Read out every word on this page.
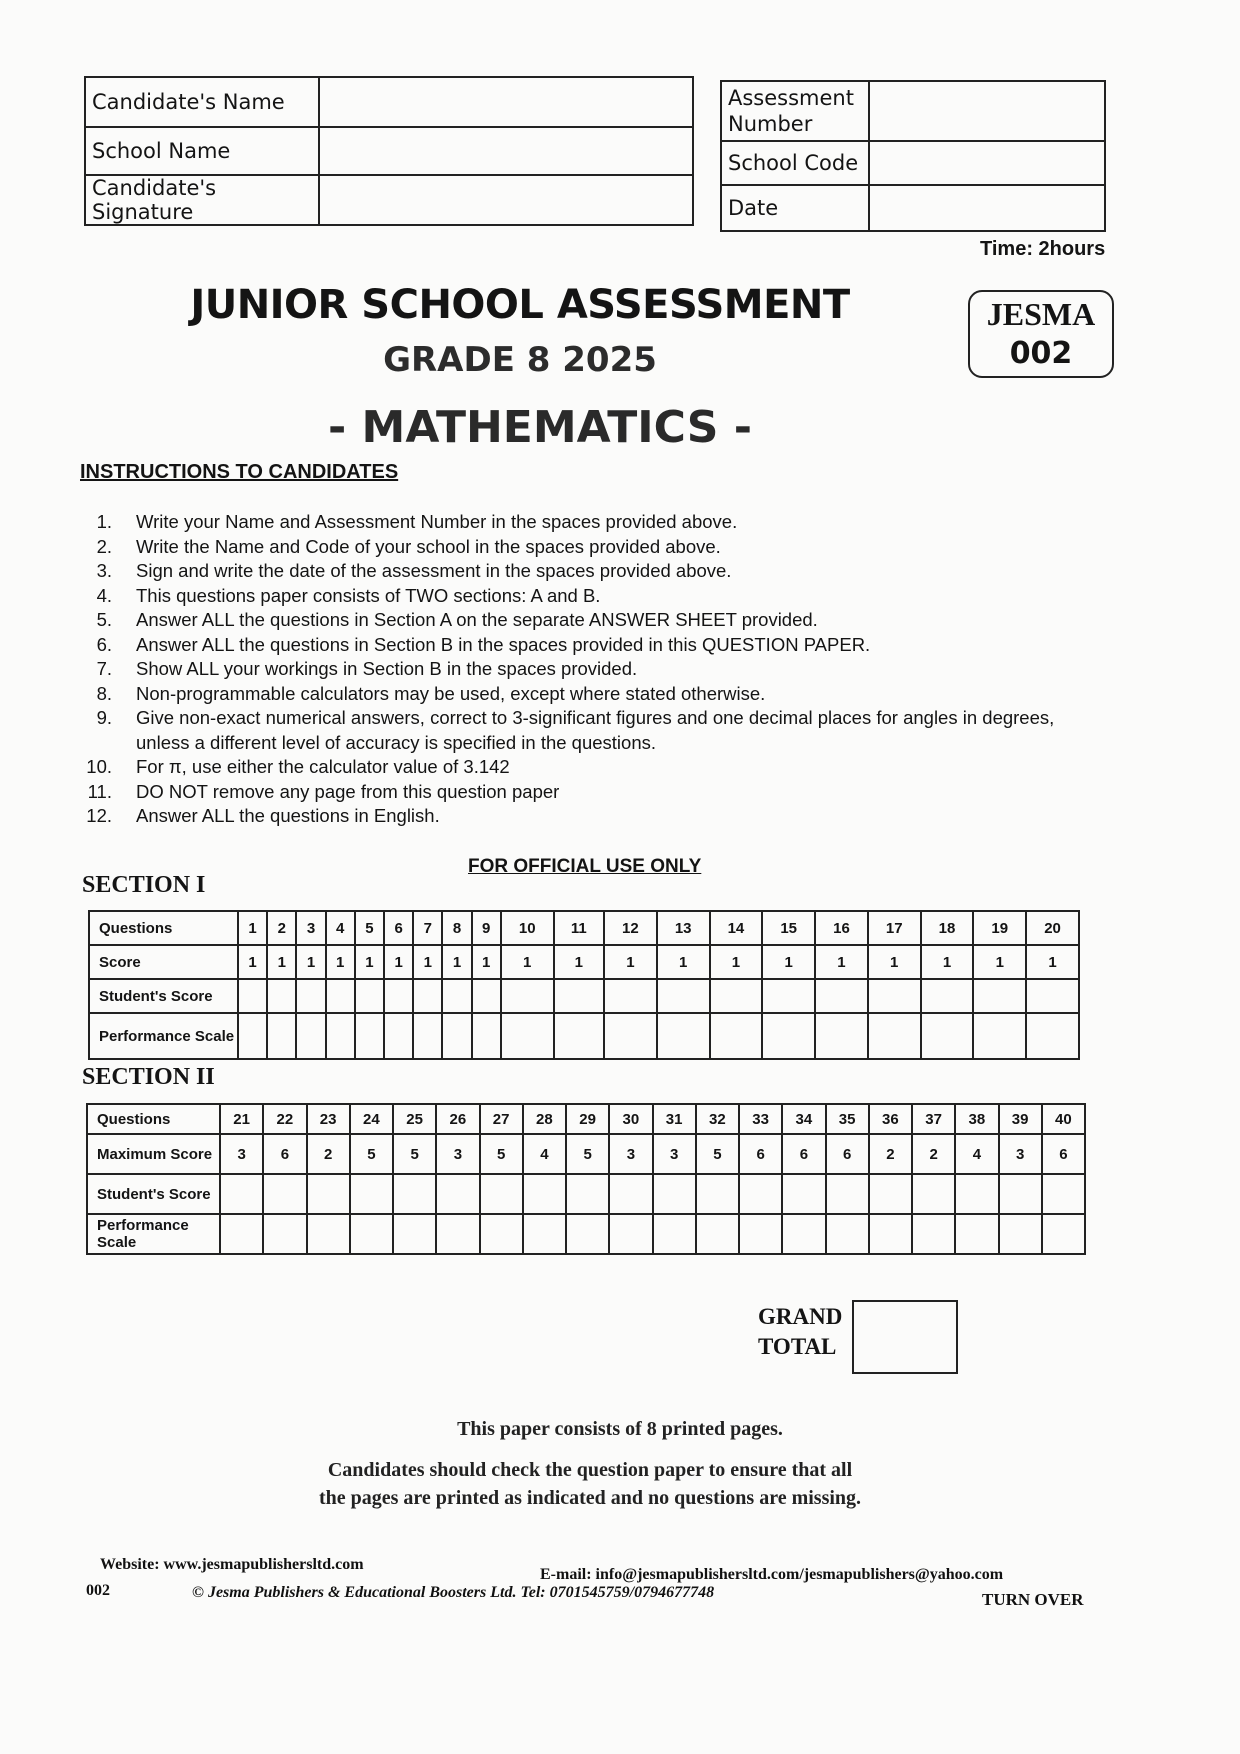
Candidate's Name	
School Name	
Candidate's Signature	
Assessment Number	
School Code	
Date	
Time: 2hours
JUNIOR SCHOOL ASSESSMENT
GRADE 8 2025
JESMA
002
- MATHEMATICS -
INSTRUCTIONS TO CANDIDATES
1. Write your Name and Assessment Number in the spaces provided above.
2. Write the Name and Code of your school in the spaces provided above.
3. Sign and write the date of the assessment in the spaces provided above.
4. This questions paper consists of TWO sections: A and B.
5. Answer ALL the questions in Section A on the separate ANSWER SHEET provided.
6. Answer ALL the questions in Section B in the spaces provided in this QUESTION PAPER.
7. Show ALL your workings in Section B in the spaces provided.
8. Non-programmable calculators may be used, except where stated otherwise.
9. Give non-exact numerical answers, correct to 3-significant figures and one decimal places for angles in degrees, unless a different level of accuracy is specified in the questions.
10. For π, use either the calculator value of 3.142
11. DO NOT remove any page from this question paper
12. Answer ALL the questions in English.
FOR OFFICIAL USE ONLY
SECTION I
Questions	1	2	3	4	5	6	7	8	9	10	11	12	13	14	15	16	17	18	19	20
Score	1	1	1	1	1	1	1	1	1	1	1	1	1	1	1	1	1	1	1	1
Student's Score																				
Performance Scale																				
SECTION II
Questions	21	22	23	24	25	26	27	28	29	30	31	32	33	34	35	36	37	38	39	40
Maximum Score	3	6	2	5	5	3	5	4	5	3	3	5	6	6	6	2	2	4	3	6
Student's Score																				
Performance Scale																				
GRAND TOTAL
This paper consists of 8 printed pages.
Candidates should check the question paper to ensure that all
the pages are printed as indicated and no questions are missing.
Website: www.jesmapublishersltd.com
E-mail: info@jesmapublishersltd.com/jesmapublishers@yahoo.com
002	© Jesma Publishers & Educational Boosters Ltd. Tel: 0701545759/0794677748	TURN OVER
